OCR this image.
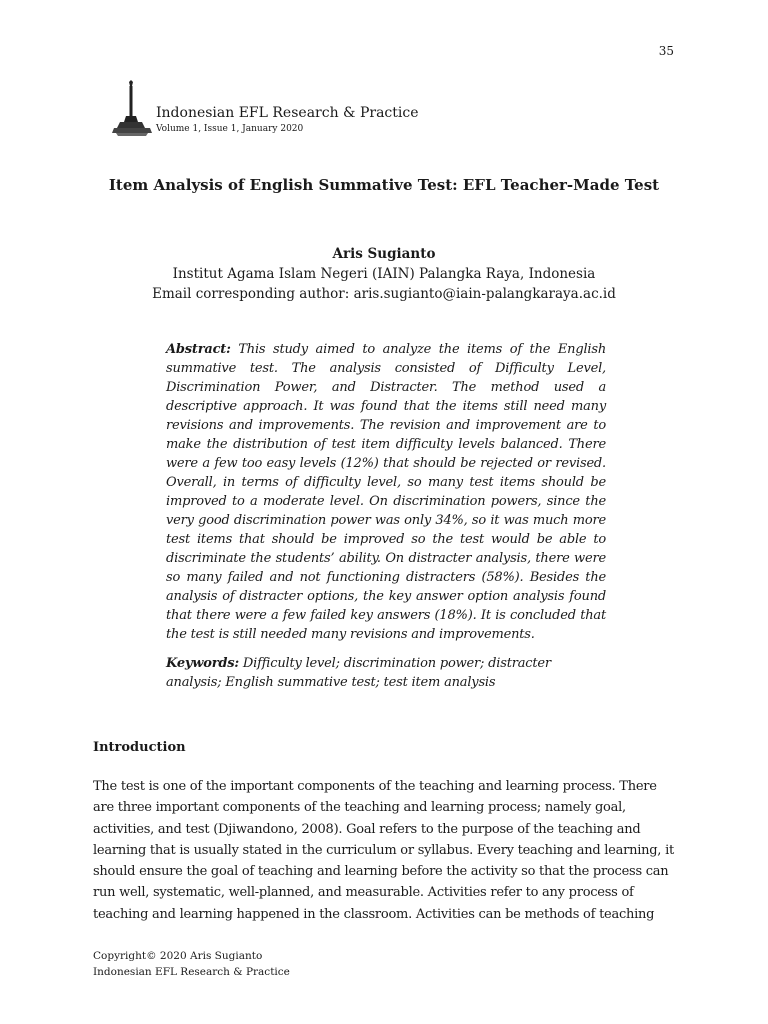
35
Indonesian EFL Research & Practice
Volume 1, Issue 1, January 2020
Item Analysis of English Summative Test: EFL Teacher-Made Test
Aris Sugianto
Institut Agama Islam Negeri (IAIN) Palangka Raya, Indonesia
Email corresponding author: aris.sugianto@iain-palangkaraya.ac.id
Abstract: This study aimed to analyze the items of the English summative test. The analysis consisted of Difficulty Level, Discrimination Power, and Distracter. The method used a descriptive approach. It was found that the items still need many revisions and improvements. The revision and improvement are to make the distribution of test item difficulty levels balanced. There were a few too easy levels (12%) that should be rejected or revised. Overall, in terms of difficulty level, so many test items should be improved to a moderate level. On discrimination powers, since the very good discrimination power was only 34%, so it was much more test items that should be improved so the test would be able to discriminate the students’ ability. On distracter analysis, there were so many failed and not functioning distracters (58%). Besides the analysis of distracter options, the key answer option analysis found that there were a few failed key answers (18%). It is concluded that the test is still needed many revisions and improvements.
Keywords: Difficulty level; discrimination power; distracter analysis; English summative test; test item analysis
Introduction
The test is one of the important components of the teaching and learning process. There
are three important components of the teaching and learning process; namely goal,
activities, and test (Djiwandono, 2008). Goal refers to the purpose of the teaching and
learning that is usually stated in the curriculum or syllabus. Every teaching and learning, it
should ensure the goal of teaching and learning before the activity so that the process can
run well, systematic, well-planned, and measurable. Activities refer to any process of
teaching and learning happened in the classroom. Activities can be methods of teaching
Copyright© 2020 Aris Sugianto
Indonesian EFL Research & Practice
